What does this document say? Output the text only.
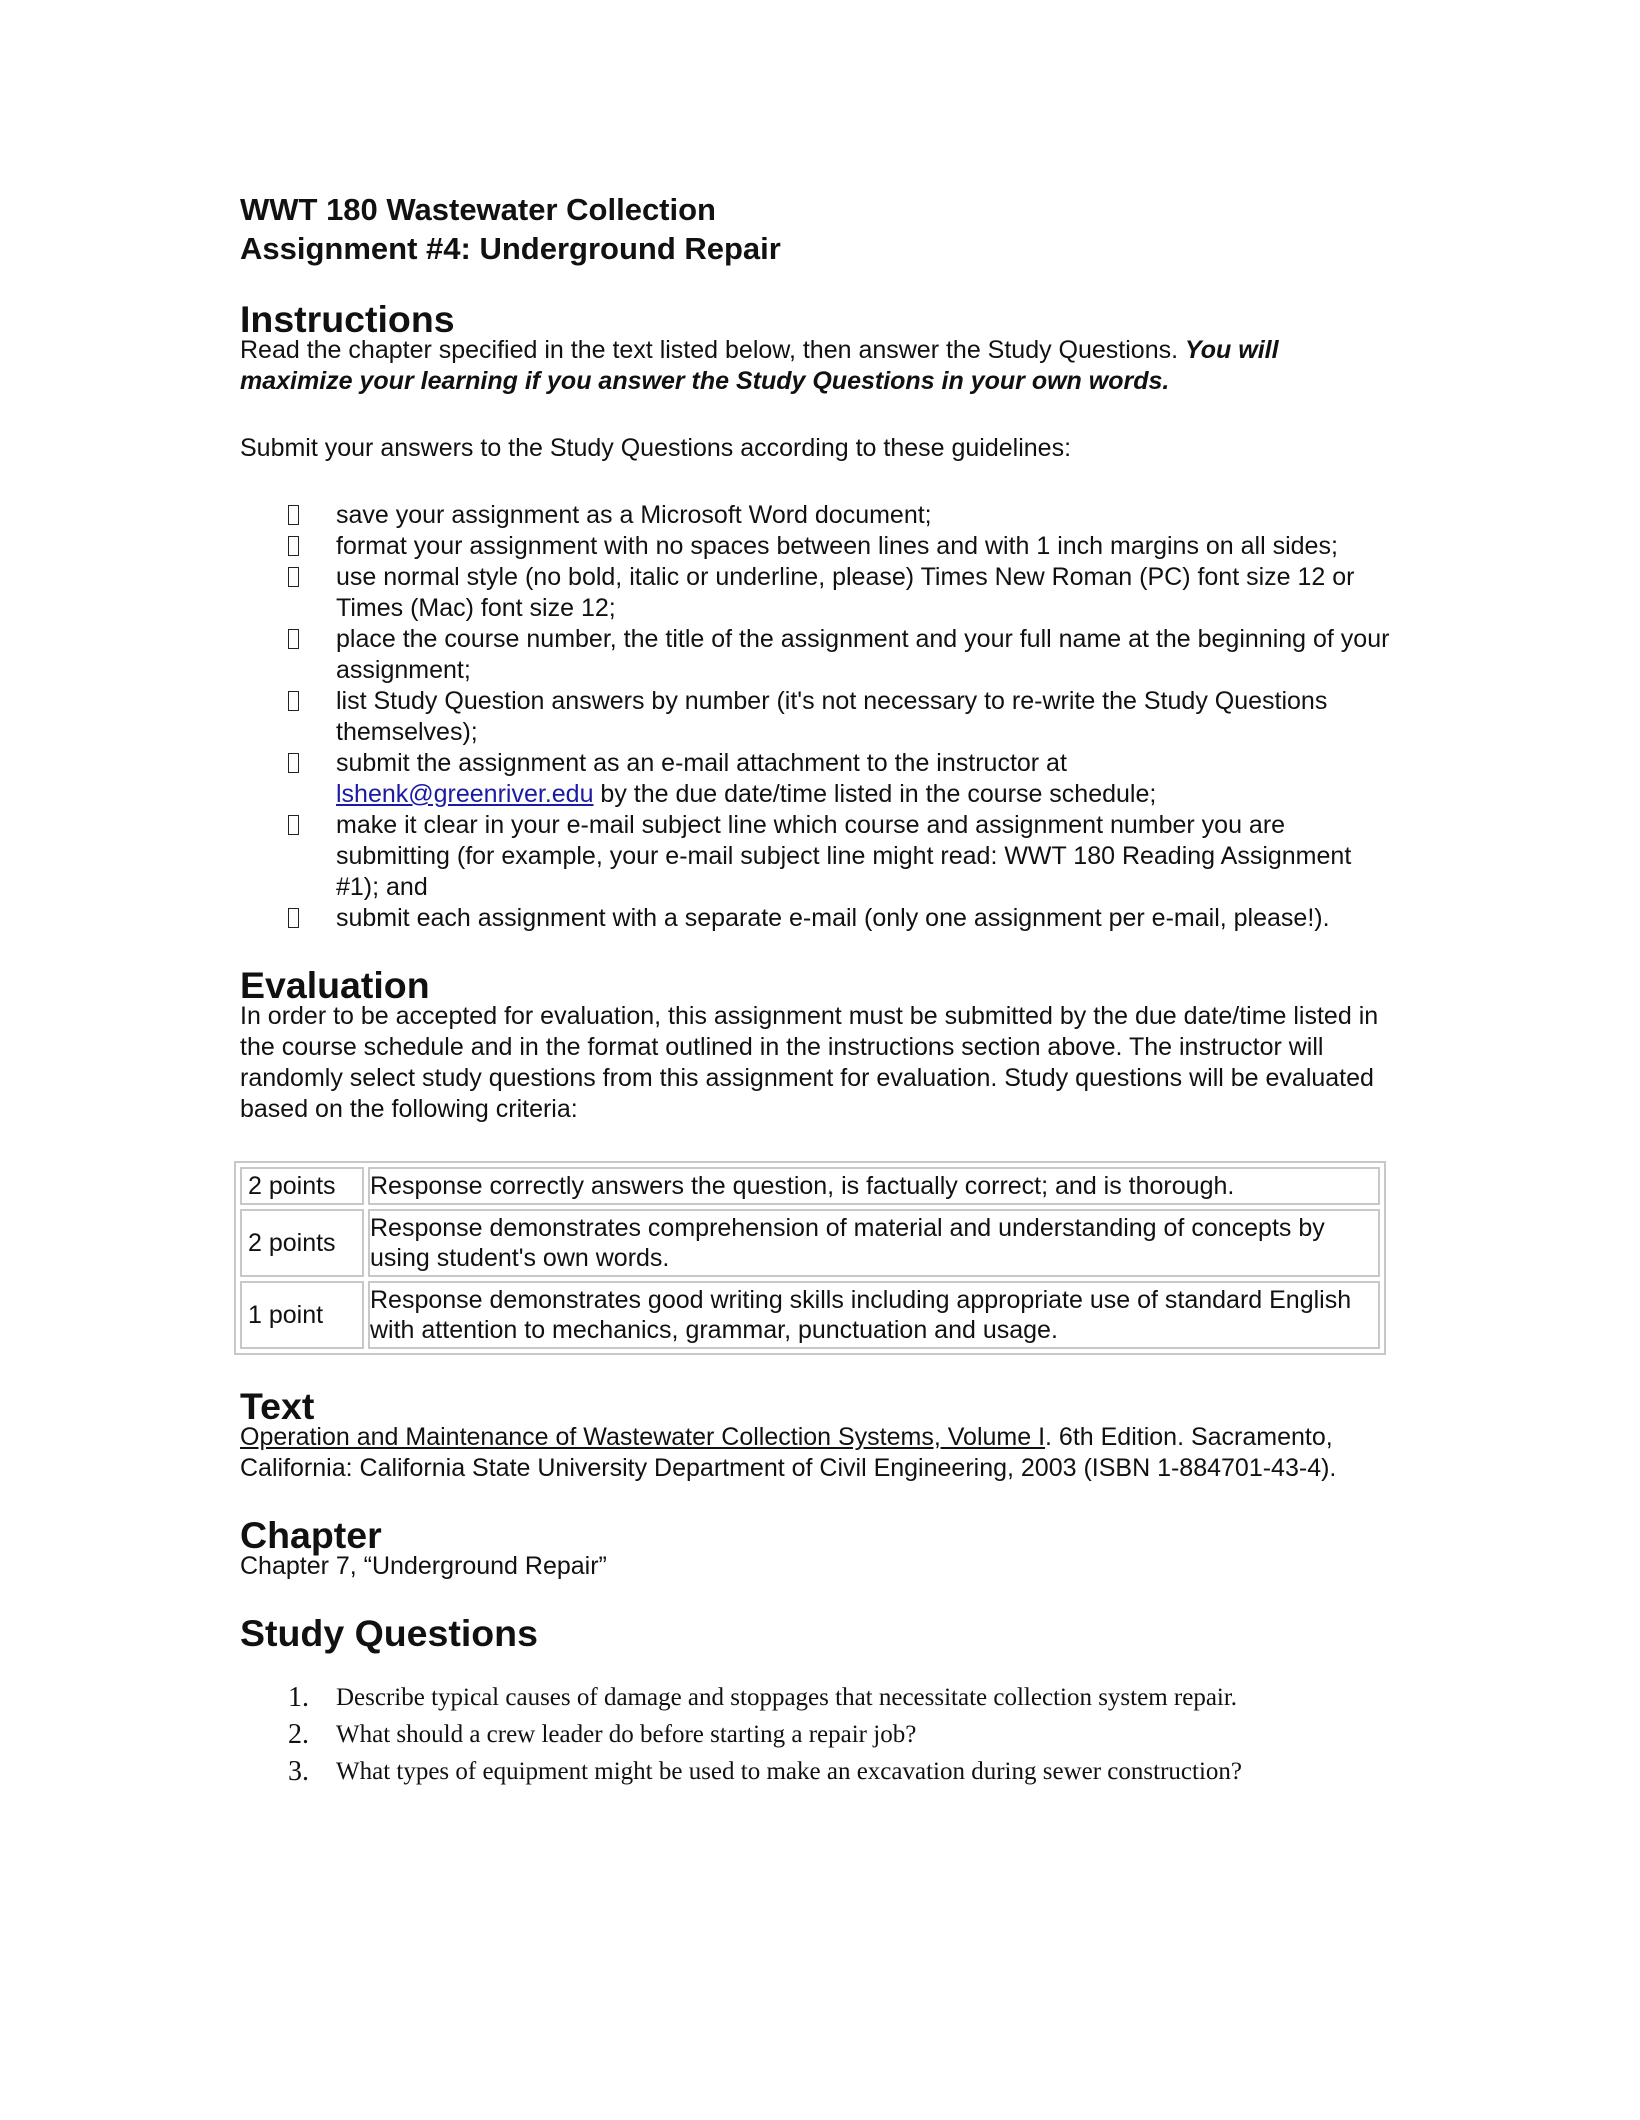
WWT 180 Wastewater Collection
Assignment #4: Underground Repair
Instructions

Read the chapter specified in the text listed below, then answer the Study Questions. You will maximize your learning if you answer the Study Questions in your own words.

Submit your answers to the Study Questions according to these guidelines:

save your assignment as a Microsoft Word document;
format your assignment with no spaces between lines and with 1 inch margins on all sides;
use normal style (no bold, italic or underline, please) Times New Roman (PC) font size 12 or Times (Mac) font size 12;
place the course number, the title of the assignment and your full name at the beginning of your assignment;
list Study Question answers by number (it's not necessary to re-write the Study Questions themselves);
submit the assignment as an e-mail attachment to the instructor at
lshenk@greenriver.edu by the due date/time listed in the course schedule;
make it clear in your e-mail subject line which course and assignment number you are submitting (for example, your e-mail subject line might read: WWT 180 Reading Assignment #1); and
submit each assignment with a separate e-mail (only one assignment per e-mail, please!).
Evaluation

In order to be accepted for evaluation, this assignment must be submitted by the due date/time listed in the course schedule and in the format outlined in the instructions section above. The instructor will randomly select study questions from this assignment for evaluation. Study questions will be evaluated based on the following criteria:

2 points	Response correctly answers the question, is factually correct; and is thorough.
2 points	Response demonstrates comprehension of material and understanding of concepts by using student's own words.
1 point	Response demonstrates good writing skills including appropriate use of standard English with attention to mechanics, grammar, punctuation and usage.
Text

Operation and Maintenance of Wastewater Collection Systems, Volume I. 6th Edition. Sacramento, California: California State University Department of Civil Engineering, 2003 (ISBN 1-884701-43-4).

Chapter

Chapter 7, “Underground Repair”

Study Questions
1. Describe typical causes of damage and stoppages that necessitate collection system repair.
2. What should a crew leader do before starting a repair job?
3. What types of equipment might be used to make an excavation during sewer construction?
